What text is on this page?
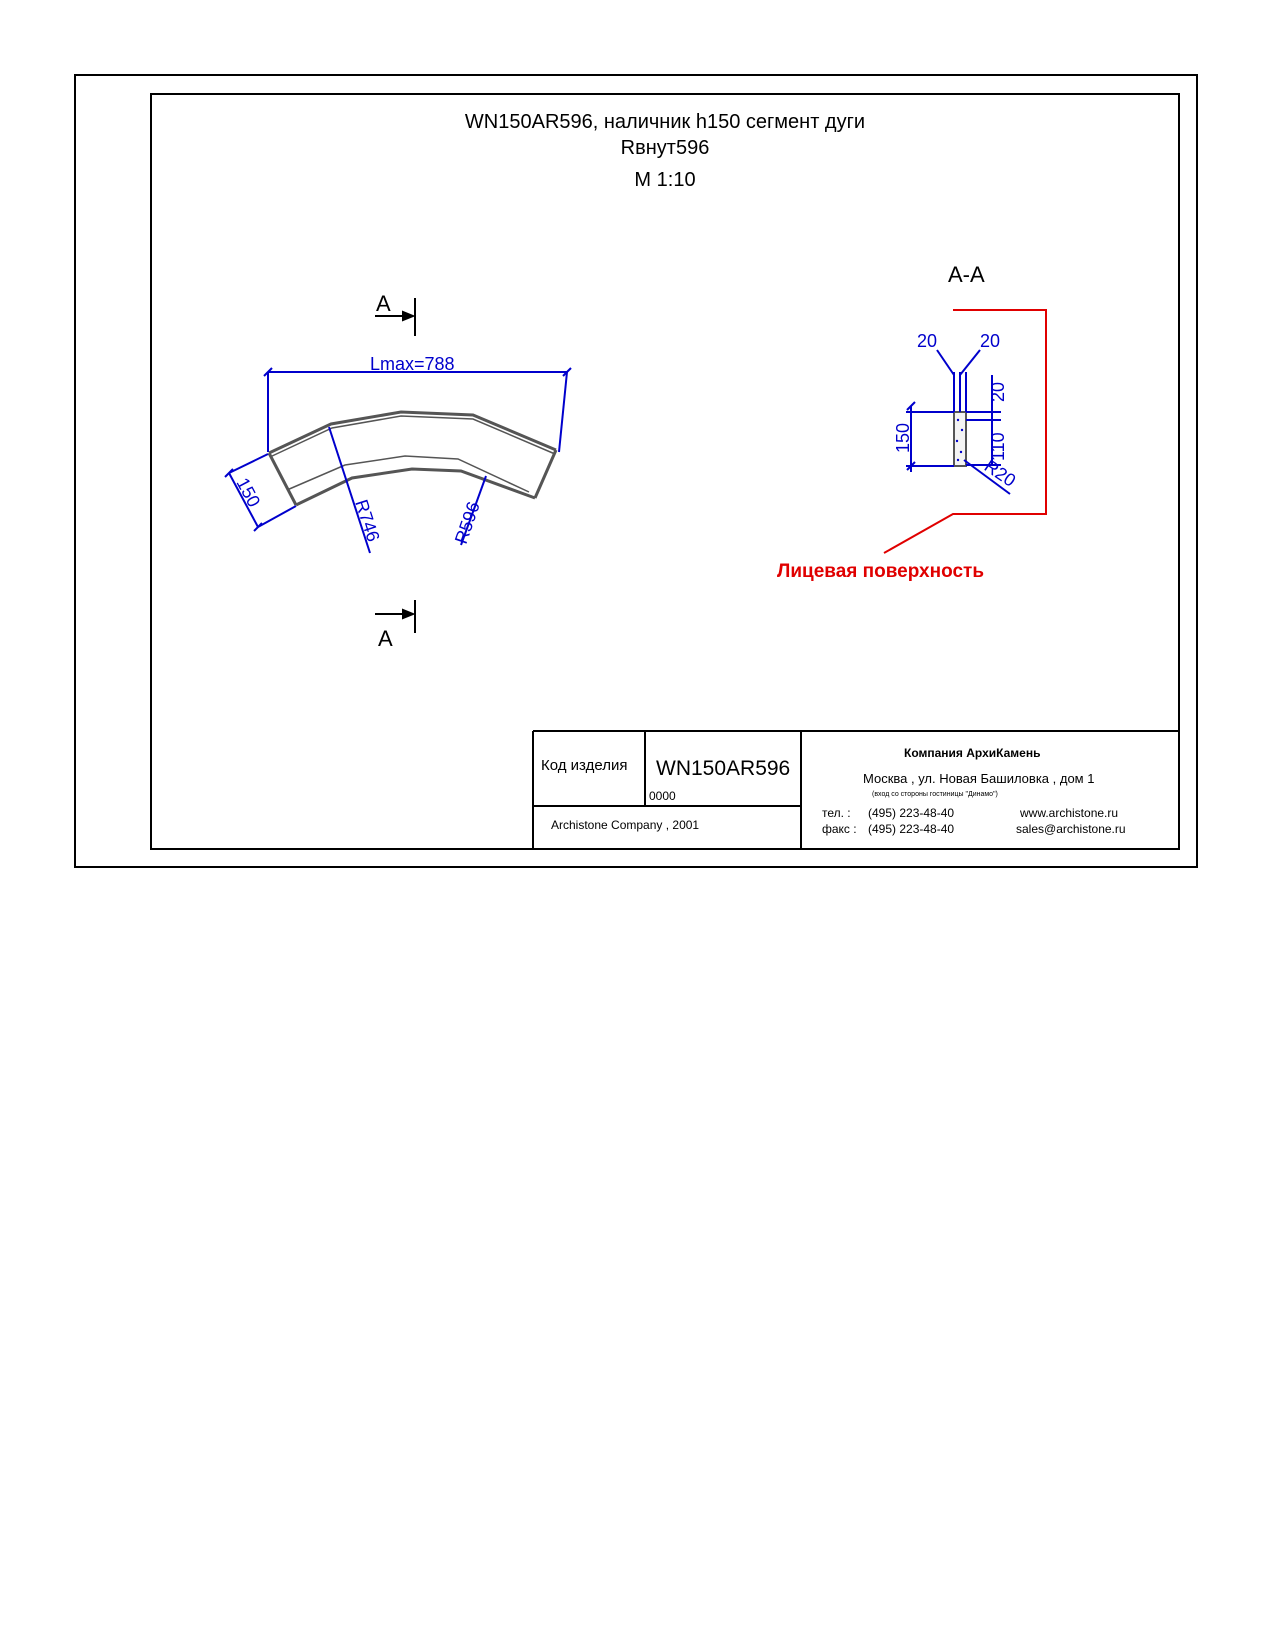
WN150AR596, наличник h150 сегмент дуги
Rвнут596
М 1:10
Lmax=788
150
R746	R596
А
А
А-А
20 20
20
150	110
R20
Лицевая поверхность
Код изделия WN150AR596
0000
Archistone Company , 2001
Компания АрхиКамень
Москва , ул. Новая Башиловка , дом 1
(вход со стороны гостиницы "Динамо")
тел. : (495) 223-48-40	www.archistone.ru
факс : (495) 223-48-40	sales@archistone.ru
